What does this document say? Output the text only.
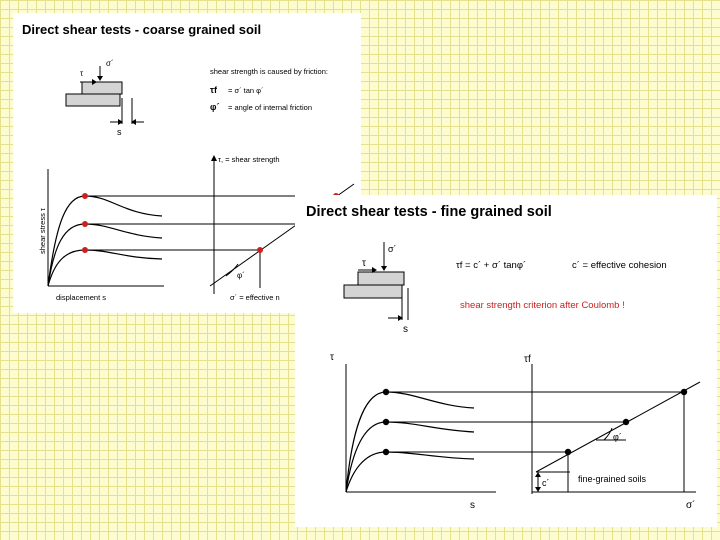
Direct shear tests - coarse grained soil
τ
σ´
s
shear strength is caused by friction:
τf = σ´ tan φ´
φ´ = angle of internal friction
shear stress τ
τ, = shear strength
displacement s
φ´
σ´ = effective n
Direct shear tests - fine grained soil
τ
σ´
s
τf = c´ + σ´ tanφ´	c´ = effective cohesion
shear strength criterion after Coulomb !
τ	τf
s	σ´
φ´
c´	fine-grained soils
